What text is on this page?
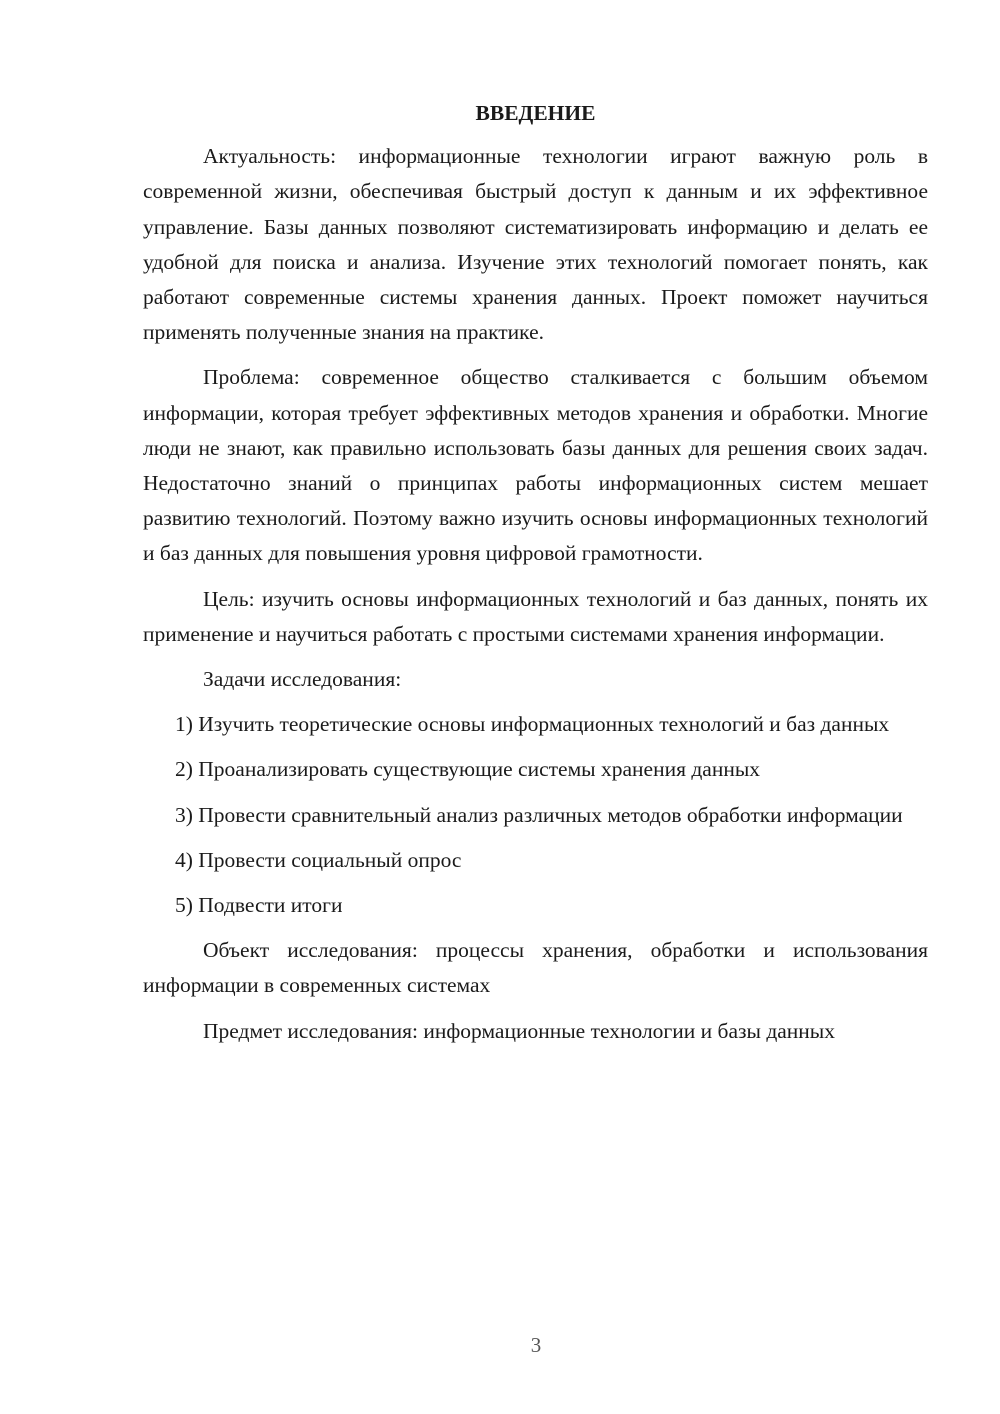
ВВЕДЕНИЕ

Актуальность: информационные технологии играют важную роль в современной жизни, обеспечивая быстрый доступ к данным и их эффективное управление. Базы данных позволяют систематизировать информацию и делать ее удобной для поиска и анализа. Изучение этих технологий помогает понять, как работают современные системы хранения данных. Проект поможет научиться применять полученные знания на практике.

Проблема: современное общество сталкивается с большим объемом информации, которая требует эффективных методов хранения и обработки. Многие люди не знают, как правильно использовать базы данных для решения своих задач. Недостаточно знаний о принципах работы информационных систем мешает развитию технологий. Поэтому важно изучить основы информационных технологий и баз данных для повышения уровня цифровой грамотности.

Цель: изучить основы информационных технологий и баз данных, понять их применение и научиться работать с простыми системами хранения информации.

Задачи исследования:

1) Изучить теоретические основы информационных технологий и баз данных

2) Проанализировать существующие системы хранения данных

3) Провести сравнительный анализ различных методов обработки информации

4) Провести социальный опрос

5) Подвести итоги

Объект исследования: процессы хранения, обработки и использования информации в современных системах

Предмет исследования: информационные технологии и базы данных

3
